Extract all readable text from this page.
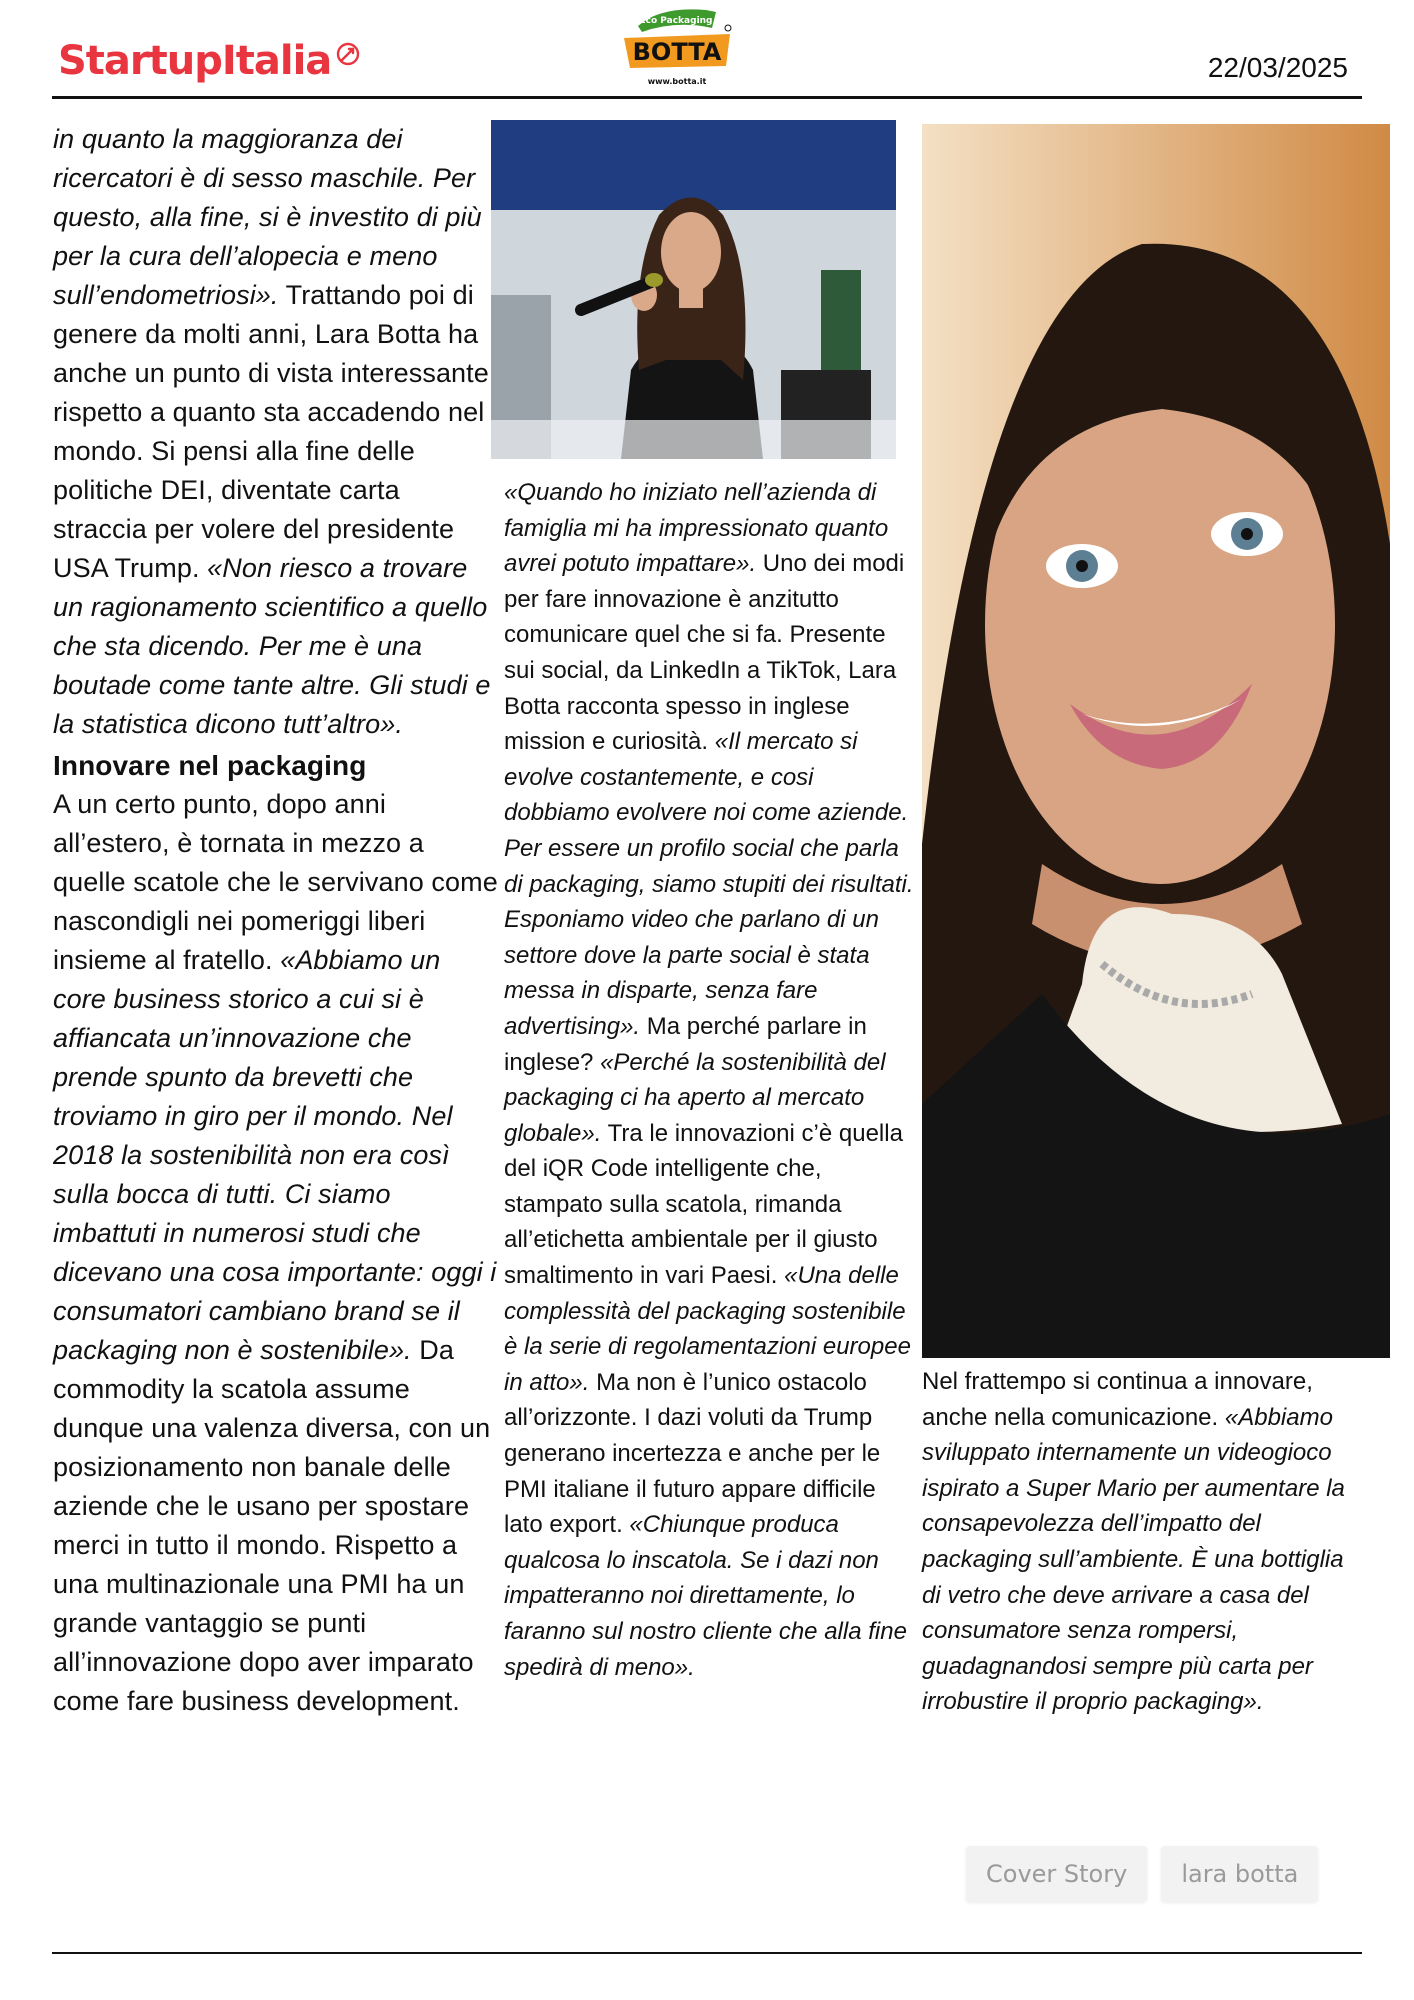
StartupItalia
Eco Packaging
BOTTA
www.botta.it	22/03/2025

in quanto la maggioranza dei ricercatori è di sesso maschile. Per questo, alla fine, si è investito di più per la cura dell’alopecia e meno sull’endometriosi». Trattando poi di genere da molti anni, Lara Botta ha anche un punto di vista interessante rispetto a quanto sta accadendo nel mondo. Si pensi alla fine delle politiche DEI, diventate carta straccia per volere del presidente USA Trump. «Non riesco a trovare un ragionamento scientifico a quello che sta dicendo. Per me è una boutade come tante altre. Gli studi e la statistica dicono tutt’altro».

Innovare nel packaging

A un certo punto, dopo anni all’estero, è tornata in mezzo a quelle scatole che le servivano come nascondigli nei pomeriggi liberi insieme al fratello. «Abbiamo un core business storico a cui si è affiancata un’innovazione che prende spunto da brevetti che troviamo in giro per il mondo. Nel 2018 la sostenibilità non era così sulla bocca di tutti. Ci siamo imbattuti in numerosi studi che dicevano una cosa importante: oggi i consumatori cambiano brand se il packaging non è sostenibile». Da commodity la scatola assume dunque una valenza diversa, con un posizionamento non banale delle aziende che le usano per spostare merci in tutto il mondo. Rispetto a una multinazionale una PMI ha un grande vantaggio se punti all’innovazione dopo aver imparato come fare business development.

«Quando ho iniziato nell’azienda di famiglia mi ha impressionato quanto avrei potuto impattare». Uno dei modi per fare innovazione è anzitutto comunicare quel che si fa. Presente sui social, da LinkedIn a TikTok, Lara Botta racconta spesso in inglese mission e curiosità. «Il mercato si evolve costantemente, e cosi dobbiamo evolvere noi come aziende. Per essere un profilo social che parla di packaging, siamo stupiti dei risultati. Esponiamo video che parlano di un settore dove la parte social è stata messa in disparte, senza fare advertising». Ma perché parlare in inglese? «Perché la sostenibilità del packaging ci ha aperto al mercato globale». Tra le innovazioni c’è quella del iQR Code intelligente che, stampato sulla scatola, rimanda all’etichetta ambientale per il giusto smaltimento in vari Paesi. «Una delle complessità del packaging sostenibile è la serie di regolamentazioni europee in atto». Ma non è l’unico ostacolo all’orizzonte. I dazi voluti da Trump generano incertezza e anche per le PMI italiane il futuro appare difficile lato export. «Chiunque produca qualcosa lo inscatola. Se i dazi non impatteranno noi direttamente, lo faranno sul nostro cliente che alla fine spedirà di meno».

Nel frattempo si continua a innovare, anche nella comunicazione. «Abbiamo sviluppato internamente un videogioco ispirato a Super Mario per aumentare la consapevolezza dell’impatto del packaging sull’ambiente. È una bottiglia di vetro che deve arrivare a casa del consumatore senza rompersi, guadagnandosi sempre più carta per irrobustire il proprio packaging».

Cover Story	lara botta
